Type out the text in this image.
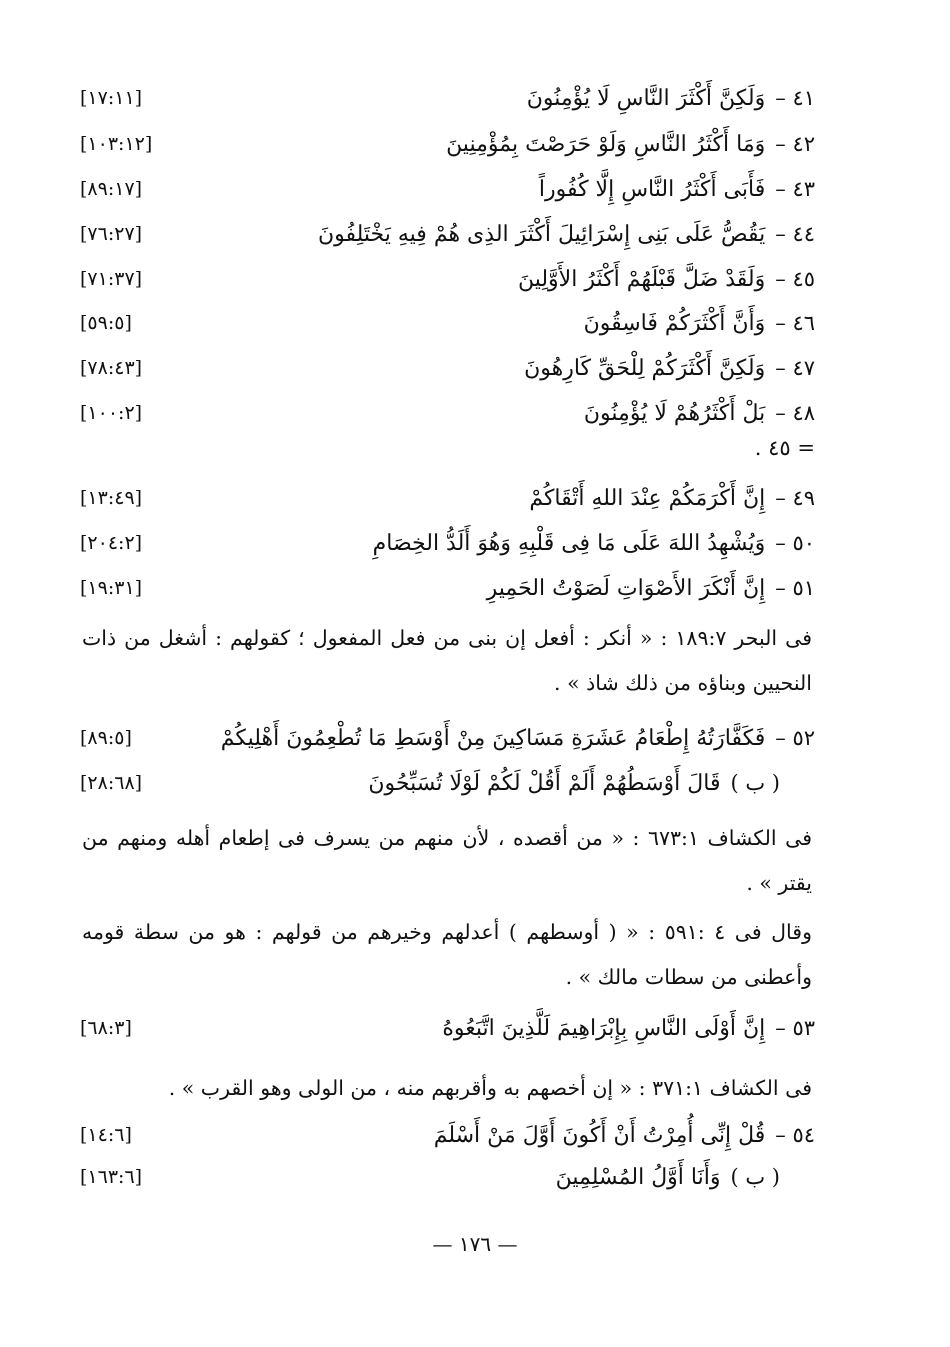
٤١ –
وَلَكِنَّ أَكْثَرَ النَّاسِ لَا يُؤْمِنُونَ
[١٧:١١]
٤٢ –
وَمَا أَكْثَرُ النَّاسِ وَلَوْ حَرَصْتَ بِمُؤْمِنِينَ
[١٠٣:١٢]
٤٣ –
فَأَبَى أَكْثَرُ النَّاسِ إِلَّا كُفُوراً
[٨٩:١٧]
٤٤ –
يَقُصُّ عَلَى بَنِى إِسْرَائِيلَ أَكْثَرَ الذِى هُمْ فِيهِ يَخْتَلِفُونَ
[٧٦:٢٧]
٤٥ –
وَلَقَدْ ضَلَّ قَبْلَهُمْ أَكْثَرُ الأَوَّلِينَ
[٧١:٣٧]
٤٦ –
وَأَنَّ أَكْثَرَكُمْ فَاسِقُونَ
[٥٩:٥]
٤٧ –
وَلَكِنَّ أَكْثَرَكُمْ لِلْحَقِّ كَارِهُونَ
[٧٨:٤٣]
٤٨ –
بَلْ أَكْثَرُهُمْ لَا يُؤْمِنُونَ
[١٠٠:٢]
= ٤٥ .
٤٩ –
إِنَّ أَكْرَمَكُمْ عِنْدَ اللهِ أَتْقَاكُمْ
[١٣:٤٩]
٥٠ –
وَيُشْهِدُ اللهَ عَلَى مَا فِى قَلْبِهِ وَهُوَ أَلَدُّ الخِصَامِ
[٢٠٤:٢]
٥١ –
إِنَّ أَنْكَرَ الأَصْوَاتِ لَصَوْتُ الحَمِيرِ
[١٩:٣١]

فى البحر ١٨٩:٧ : « أنكر : أفعل إن بنى من فعل المفعول ؛ كقولهم : أشغل من ذات النحيين وبناؤه من ذلك شاذ » .

٥٢ –
فَكَفَّارَتُهُ إِطْعَامُ عَشَرَةِ مَسَاكِينَ مِنْ أَوْسَطِ مَا تُطْعِمُونَ أَهْلِيكُمْ
[٨٩:٥]
( ب )
قَالَ أَوْسَطُهُمْ أَلَمْ أَقُلْ لَكُمْ لَوْلَا تُسَبِّحُونَ
[٢٨:٦٨]

فى الكشاف ٦٧٣:١ : « من أقصده ، لأن منهم من يسرف فى إطعام أهله ومنهم من يقتر » .

وقال فى ٤ :٥٩١ : « ( أوسطهم ) أعدلهم وخيرهم من قولهم : هو من سطة قومه وأعطنى من سطات مالك » .

٥٣ –
إِنَّ أَوْلَى النَّاسِ بِإِبْرَاهِيمَ لَلَّذِينَ اتَّبَعُوهُ
[٦٨:٣]

فى الكشاف ٣٧١:١ : « إن أخصهم به وأقربهم منه ، من الولى وهو القرب » .

٥٤ –
قُلْ إِنِّى أُمِرْتُ أَنْ أَكُونَ أَوَّلَ مَنْ أَسْلَمَ
[١٤:٦]
( ب )
وَأَنَا أَوَّلُ المُسْلِمِينَ
[١٦٣:٦]
— ١٧٦ —
